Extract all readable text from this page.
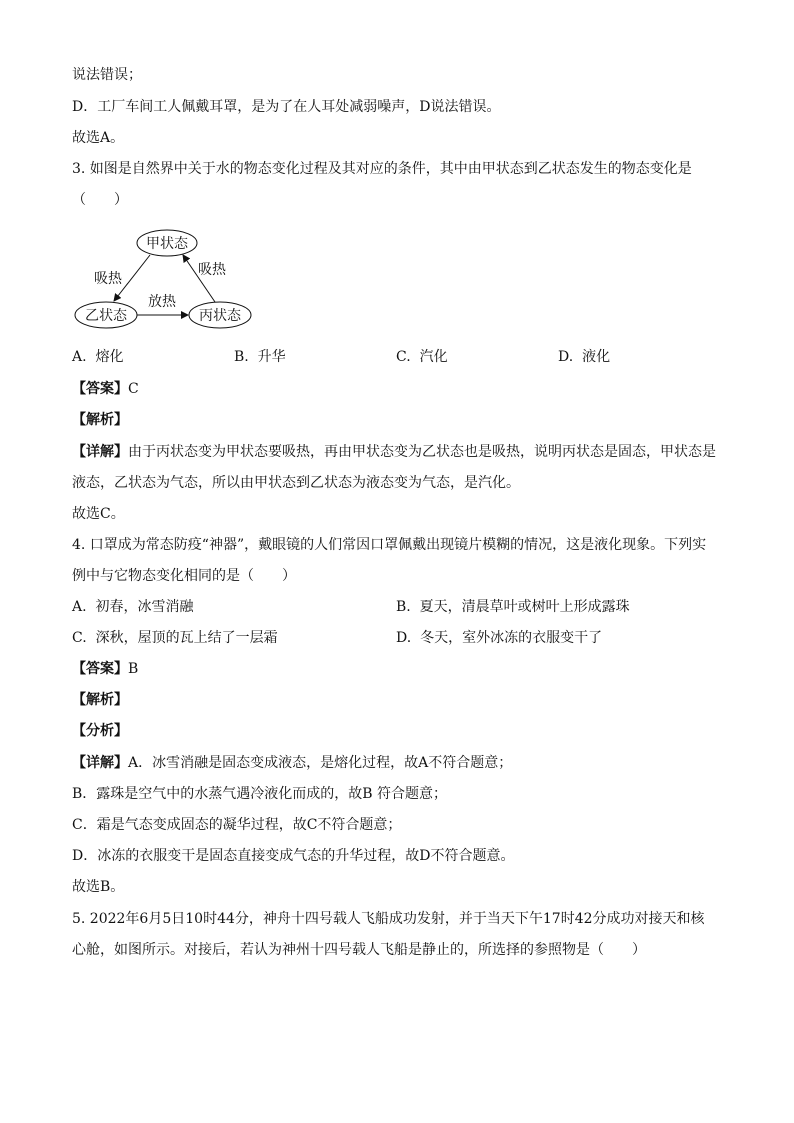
说法错误；
D．工厂车间工人佩戴耳罩，是为了在人耳处减弱噪声，D说法错误。
故选A。
3. 如图是自然界中关于水的物态变化过程及其对应的条件，其中由甲状态到乙状态发生的物态变化是
（　　）
甲状态
乙状态	丙状态
吸热
吸热
放热
A. 熔化	B. 升华	C. 汽化	D. 液化
【答案】C
【解析】
【详解】由于丙状态变为甲状态要吸热，再由甲状态变为乙状态也是吸热，说明丙状态是固态，甲状态是
液态，乙状态为气态，所以由甲状态到乙状态为液态变为气态，是汽化。
故选C。
4. 口罩成为常态防疫“神器”，戴眼镜的人们常因口罩佩戴出现镜片模糊的情况，这是液化现象。下列实
例中与它物态变化相同的是（　　）
A. 初春，冰雪消融	B. 夏天，清晨草叶或树叶上形成露珠
C. 深秋，屋顶的瓦上结了一层霜	D. 冬天，室外冰冻的衣服变干了
【答案】B
【解析】
【分析】
【详解】A．冰雪消融是固态变成液态，是熔化过程，故A不符合题意；
B．露珠是空气中的水蒸气遇冷液化而成的，故B 符合题意；
C．霜是气态变成固态的凝华过程，故C不符合题意；
D．冰冻的衣服变干是固态直接变成气态的升华过程，故D不符合题意。
故选B。
5. 2022年6月5日10时44分，神舟十四号载人飞船成功发射，并于当天下午17时42分成功对接天和核
心舱，如图所示。对接后，若认为神州十四号载人飞船是静止的，所选择的参照物是（　　）
